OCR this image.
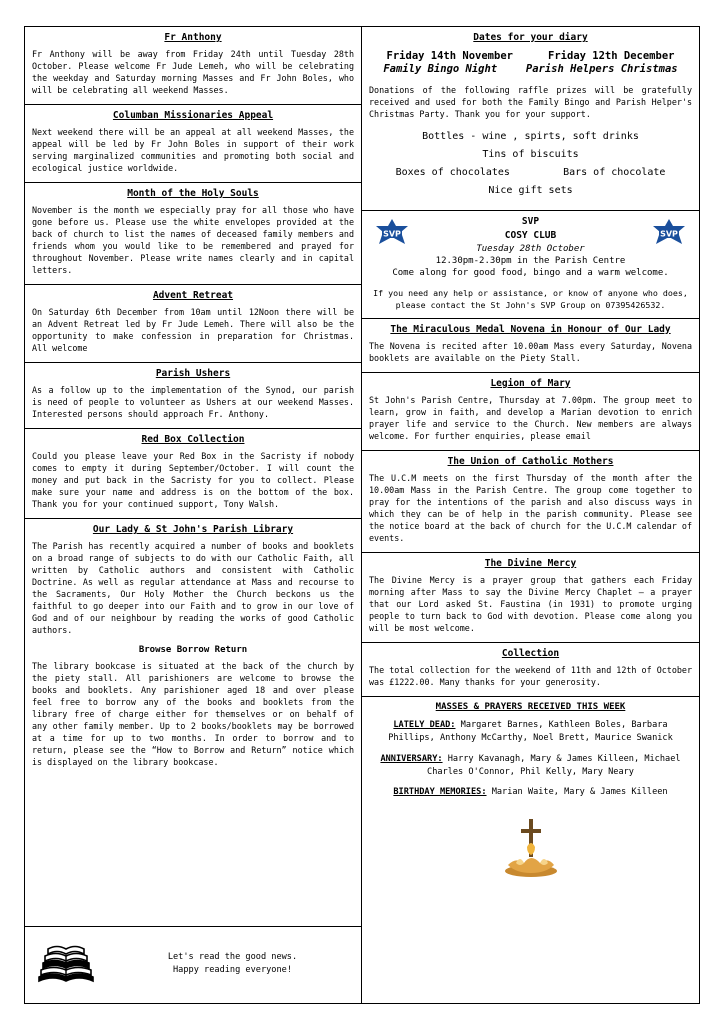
Fr Anthony
Fr Anthony will be away from Friday 24th until Tuesday 28th October. Please welcome Fr Jude Lemeh, who will be celebrating the weekday and Saturday morning Masses and Fr John Boles, who will be celebrating all weekend Masses.
Columban Missionaries Appeal
Next weekend there will be an appeal at all weekend Masses, the appeal will be led by Fr John Boles in support of their work serving marginalized communities and promoting both social and ecological justice worldwide.
Month of the Holy Souls
November is the month we especially pray for all those who have gone before us. Please use the white envelopes provided at the back of church to list the names of deceased family members and friends whom you would like to be remembered and prayed for throughout November. Please write names clearly and in capital letters.
Advent Retreat
On Saturday 6th December from 10am until 12Noon there will be an Advent Retreat led by Fr Jude Lemeh. There will also be the opportunity to make confession in preparation for Christmas. All welcome
Parish Ushers
As a follow up to the implementation of the Synod, our parish is need of people to volunteer as Ushers at our weekend Masses. Interested persons should approach Fr. Anthony.
Red Box Collection
Could you please leave your Red Box in the Sacristy if nobody comes to empty it during September/October. I will count the money and put back in the Sacristy for you to collect. Please make sure your name and address is on the bottom of the box. Thank you for your continued support, Tony Walsh.
Our Lady & St John's Parish Library
The Parish has recently acquired a number of books and booklets on a broad range of subjects to do with our Catholic Faith, all written by Catholic authors and consistent with Catholic Doctrine. As well as regular attendance at Mass and recourse to the Sacraments, Our Holy Mother the Church beckons us the faithful to go deeper into our Faith and to grow in our love of God and of our neighbour by reading the works of good Catholic authors.
Browse Borrow Return
The library bookcase is situated at the back of the church by the piety stall. All parishioners are welcome to browse the books and booklets. Any parishioner aged 18 and over please feel free to borrow any of the books and booklets from the library free of charge either for themselves or on behalf of any other family member. Up to 2 books/booklets may be borrowed at a time for up to two months. In order to borrow and to return, please see the “How to Borrow and Return” notice which is displayed on the library bookcase.
Let's read the good news.
Happy reading everyone!
Dates for your diary
Friday 14th November	Friday 12th December
Family Bingo Night	Parish Helpers Christmas
Donations of the following raffle prizes will be gratefully received and used for both the Family Bingo and Parish Helper's Christmas Party. Thank you for your support.
Bottles - wine , spirts, soft drinks
Tins of biscuits
Boxes of chocolates	Bars of chocolate
Nice gift sets
SVP	SVP
SVP
COSY CLUB
Tuesday 28th October
12.30pm-2.30pm in the Parish Centre
Come along for good food, bingo and a warm welcome.
If you need any help or assistance, or know of anyone who does, please contact the St John's SVP Group on 07395426532.
The Miraculous Medal Novena in Honour of Our Lady
The Novena is recited after 10.00am Mass every Saturday, Novena booklets are available on the Piety Stall.
Legion of Mary
St John's Parish Centre, Thursday at 7.00pm. The group meet to learn, grow in faith, and develop a Marian devotion to enrich prayer life and service to the Church. New members are always welcome. For further enquiries, please email
The Union of Catholic Mothers
The U.C.M meets on the first Thursday of the month after the 10.00am Mass in the Parish Centre. The group come together to pray for the intentions of the parish and also discuss ways in which they can be of help in the parish community. Please see the notice board at the back of church for the U.C.M calendar of events.
The Divine Mercy
The Divine Mercy is a prayer group that gathers each Friday morning after Mass to say the Divine Mercy Chaplet – a prayer that our Lord asked St. Faustina (in 1931) to promote urging people to turn back to God with devotion. Please come along you will be most welcome.
Collection
The total collection for the weekend of 11th and 12th of October was £1222.00. Many thanks for your generosity.
MASSES & PRAYERS RECEIVED THIS WEEK
LATELY DEAD: Margaret Barnes, Kathleen Boles, Barbara Phillips, Anthony McCarthy, Noel Brett, Maurice Swanick
ANNIVERSARY: Harry Kavanagh, Mary & James Killeen, Michael Charles O'Connor, Phil Kelly, Mary Neary
BIRTHDAY MEMORIES: Marian Waite, Mary & James Killeen
